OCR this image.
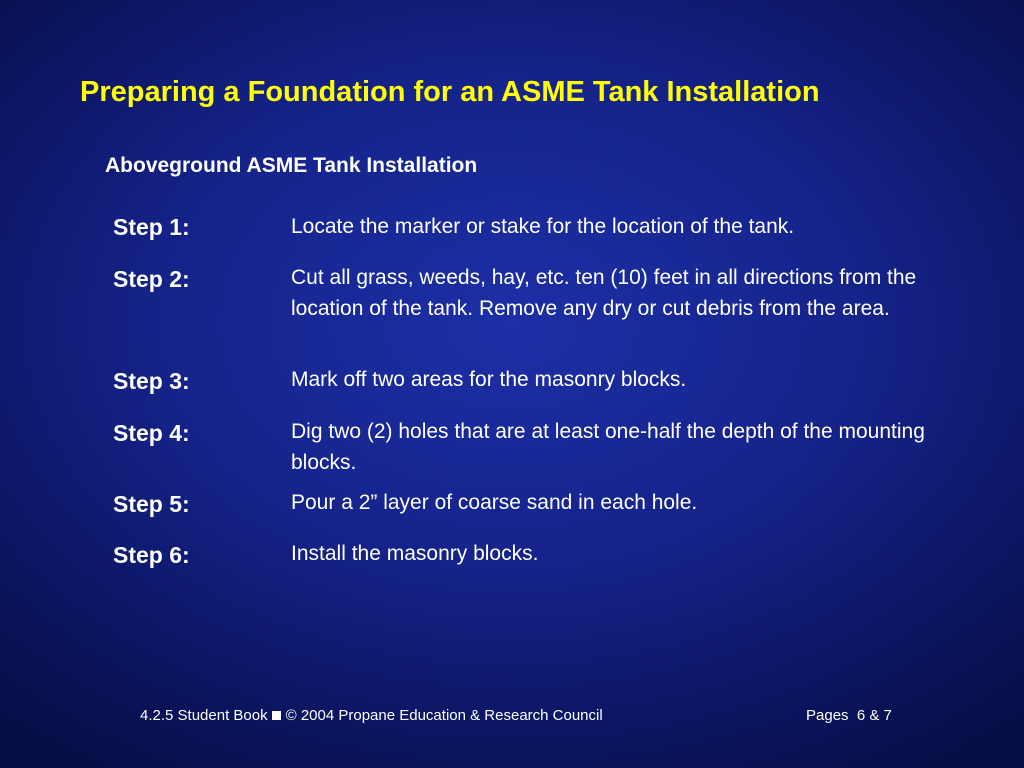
Preparing a Foundation for an ASME Tank Installation
Aboveground ASME Tank Installation
Step 1:	Locate the marker or stake for the location of the tank.
Step 2:	Cut all grass, weeds, hay, etc. ten (10) feet in all directions from the location of the tank. Remove any dry or cut debris from the area.
Step 3:	Mark off two areas for the masonry blocks.
Step 4:	Dig two (2) holes that are at least one-half the depth of the mounting blocks.
Step 5:	Pour a 2” layer of coarse sand in each hole.
Step 6:	Install the masonry blocks.
4.2.5 Student Book © 2004 Propane Education & Research Council	Pages  6 & 7
